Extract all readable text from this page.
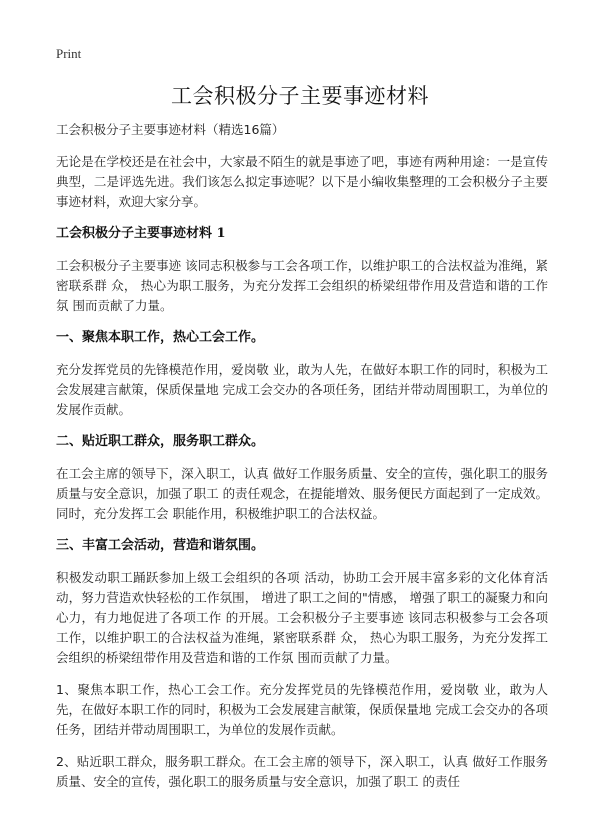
Print
工会积极分子主要事迹材料

工会积极分子主要事迹材料（精选16篇）

无论是在学校还是在社会中，大家最不陌生的就是事迹了吧，事迹有两种用途：一是宣传典型，二是评选先进。我们该怎么拟定事迹呢？以下是小编收集整理的工会积极分子主要事迹材料，欢迎大家分享。

工会积极分子主要事迹材料 1

工会积极分子主要事迹 该同志积极参与工会各项工作，以维护职工的合法权益为准绳，紧密联系群 众， 热心为职工服务，为充分发挥工会组织的桥梁纽带作用及营造和谐的工作氛 围而贡献了力量。

一、聚焦本职工作，热心工会工作。

充分发挥党员的先锋模范作用，爱岗敬 业，敢为人先，在做好本职工作的同时，积极为工会发展建言献策，保质保量地 完成工会交办的各项任务，团结并带动周围职工，为单位的发展作贡献。

二、贴近职工群众，服务职工群众。

在工会主席的领导下，深入职工，认真 做好工作服务质量、安全的宣传，强化职工的服务质量与安全意识，加强了职工 的责任观念，在提能增效、服务便民方面起到了一定成效。同时，充分发挥工会 职能作用，积极维护职工的合法权益。

三、丰富工会活动，营造和谐氛围。

积极发动职工踊跃参加上级工会组织的各项 活动，协助工会开展丰富多彩的文化体育活动，努力营造欢快轻松的工作氛围， 增进了职工之间的"情感， 增强了职工的凝聚力和向心力，有力地促进了各项工作 的开展。工会积极分子主要事迹 该同志积极参与工会各项工作，以维护职工的合法权益为准绳，紧密联系群 众， 热心为职工服务，为充分发挥工会组织的桥梁纽带作用及营造和谐的工作氛 围而贡献了力量。

1、聚焦本职工作，热心工会工作。充分发挥党员的先锋模范作用，爱岗敬 业，敢为人先，在做好本职工作的同时，积极为工会发展建言献策，保质保量地 完成工会交办的各项任务，团结并带动周围职工，为单位的发展作贡献。

2、贴近职工群众，服务职工群众。在工会主席的领导下，深入职工，认真 做好工作服务质量、安全的宣传，强化职工的服务质量与安全意识，加强了职工 的责任
